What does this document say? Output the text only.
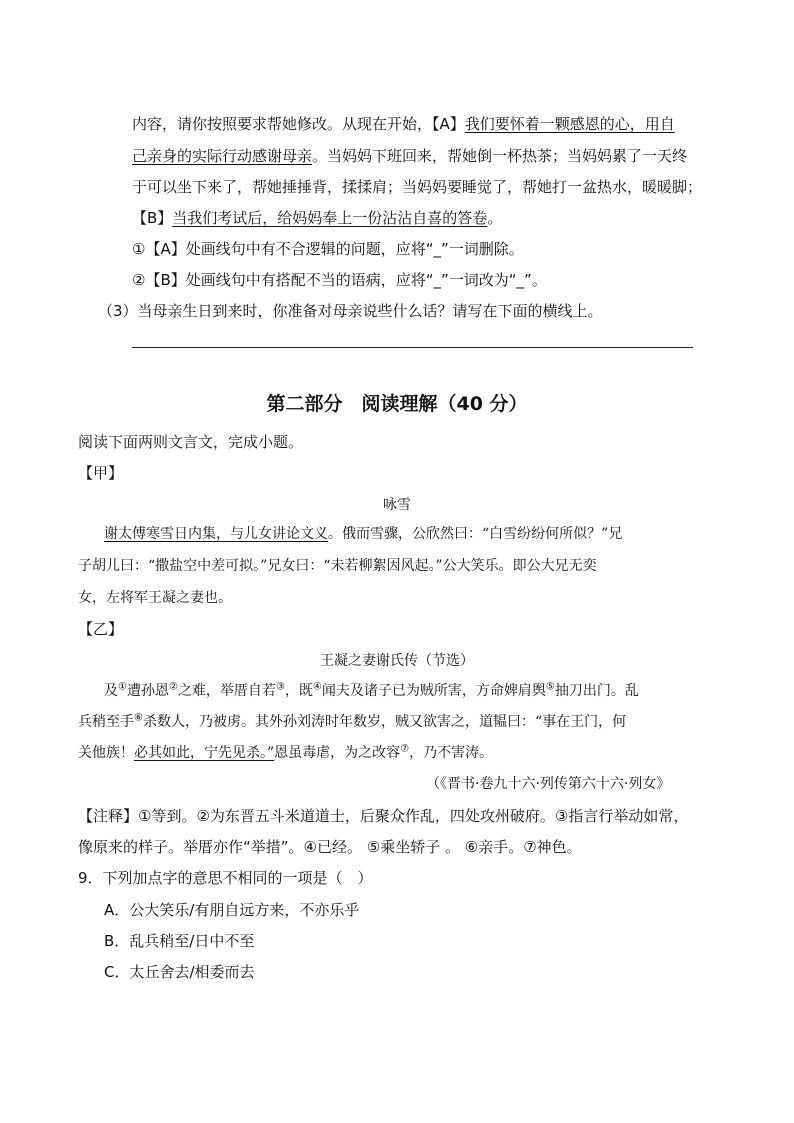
内容，请你按照要求帮她修改。从现在开始，【A】我们要怀着一颗感恩的心，用自
己亲身的实际行动感谢母亲。当妈妈下班回来，帮她倒一杯热茶；当妈妈累了一天终
于可以坐下来了，帮她捶捶背，揉揉肩；当妈妈要睡觉了，帮她打一盆热水，暖暖脚；
【B】当我们考试后，给妈妈奉上一份沾沾自喜的答卷。
①【A】处画线句中有不合逻辑的问题，应将“_”一词删除。
②【B】处画线句中有搭配不当的语病，应将“_”一词改为“_”。
（3）当母亲生日到来时，你准备对母亲说些什么话？请写在下面的横线上。
第二部分　阅读理解（40 分）
阅读下面两则文言文，完成小题。
【甲】
咏雪
谢太傅寒雪日内集，与儿女讲论文义。俄而雪骤，公欣然曰：“白雪纷纷何所似？”兄
子胡儿曰：“撒盐空中差可拟。”兄女曰：“未若柳絮因风起。”公大笑乐。即公大兄无奕
女，左将军王凝之妻也。
【乙】
王凝之妻谢氏传（节选）
及①遭孙恩②之难，举厝自若③，既④闻夫及诸子已为贼所害，方命婢肩舆⑤抽刀出门。乱
兵稍至手⑥杀数人，乃被虏。其外孙刘涛时年数岁，贼又欲害之，道韫曰：“事在王门，何
关他族！必其如此，宁先见杀。”恩虽毒虐，为之改容⑦，乃不害涛。
（《晋书·卷九十六·列传第六十六·列女》
【注释】①等到。②为东晋五斗米道道士，后聚众作乱，四处攻州破府。③指言行举动如常，
像原来的样子。举厝亦作“举措”。④已经。 ⑤乘坐轿子 。 ⑥亲手。⑦神色。
9．下列加点字的意思不相同的一项是（　）
A．公大笑乐/有朋自远方来，不亦乐乎
B．乱兵稍至/日中不至
C．太丘舍去/相委而去
